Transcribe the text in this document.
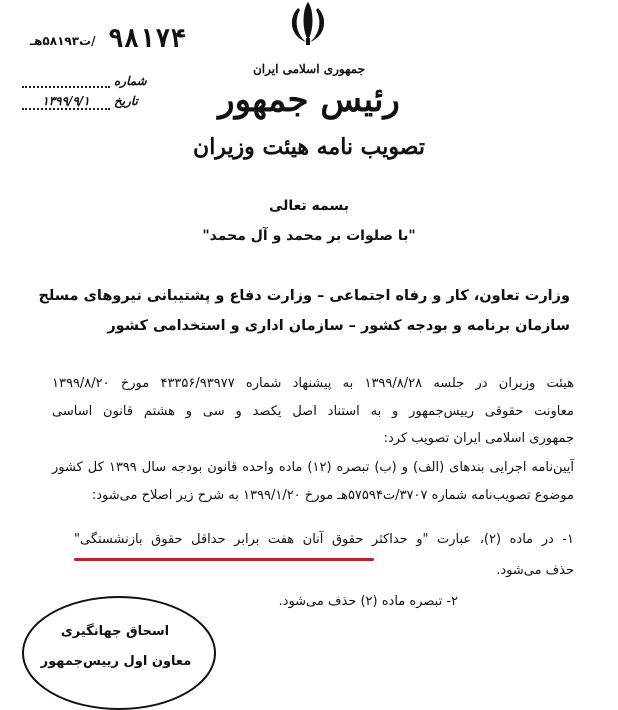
۹۸۱۷۴
/ت۵۸۱۹۳هـ
شماره
تاریخ
۱۳۹۹/۹/۱
جمهوری اسلامی ایران
رئیس جمهور
تصویب نامه هیئت وزیران
بسمه تعالی
"با صلوات بر محمد و آل محمد"
وزارت تعاون، کار و رفاه اجتماعی – وزارت دفاع و پشتیبانی نیروهای مسلح
سازمان برنامه و بودجه کشور – سازمان اداری و استخدامی کشور
هیئت وزیران در جلسه ۱۳۹۹/۸/۲۸ به پیشنهاد شماره ۴۳۳۵۶/۹۳۹۷۷ مورخ ۱۳۹۹/۸/۲۰
معاونت حقوقی رییس‌جمهور و به استناد اصل یکصد و سی و هشتم قانون اساسی
جمهوری اسلامی ایران تصویب کرد:
آیین‌نامه اجرایی بندهای (الف) و (ب) تبصره (۱۲) ماده واحده قانون بودجه سال ۱۳۹۹ کل کشور
موضوع تصویب‌نامه شماره ۳۷۰۷/ت۵۷۵۹۴هـ مورخ ۱۳۹۹/۱/۲۰ به شرح زیر اصلاح می‌شود:
۱- در ماده (۲)، عبارت "و حداکثر حقوق آنان هفت برابر حداقل حقوق بازنشستگی"
حذف می‌شود.
۲- تبصره ماده (۲) حذف می‌شود.
اسحاق جهانگیری
معاون اول رییس‌جمهور
